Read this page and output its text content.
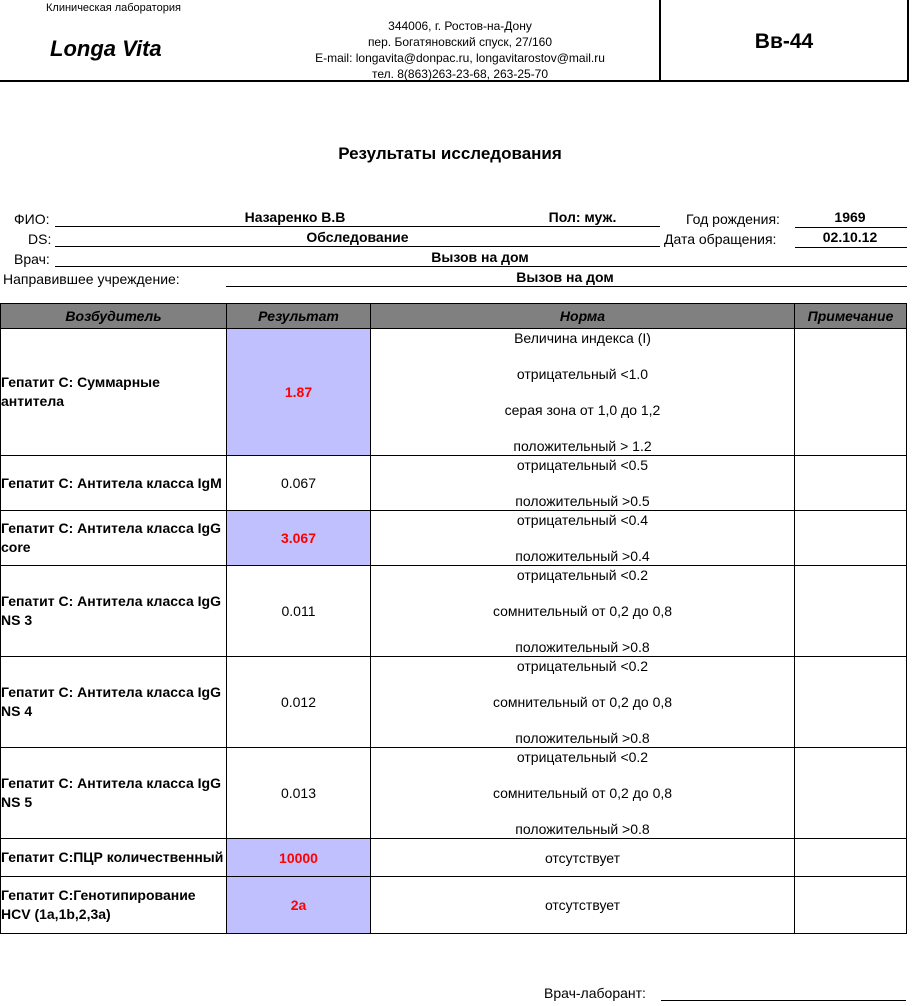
Клиническая лаборатория
Longa Vita
344006, г. Ростов-на-Дону
пер. Богатяновский спуск, 27/160
E-mail: longavita@donpac.ru, longavitarostov@mail.ru
тел. 8(863)263-23-68, 263-25-70
Вв-44
Результаты исследования
ФИО:	Назаренко В.В	Пол: муж.	Год рождения:	1969
DS:	Обследование	Дата обращения:	02.10.12
Врач:	Вызов на дом
Направившее учреждение:	Вызов на дом
Возбудитель	Результат	Норма	Примечание
Гепатит С: Суммарные антитела	1.87	Величина индекса (I)
отрицательный <1.0
серая зона от 1,0 до 1,2
положительный > 1.2	

Гепатит С: Антитела класса IgM	0.067	отрицательный <0.5
положительный >0.5	

Гепатит С: Антитела класса IgG core	3.067	отрицательный <0.4
положительный >0.4	

Гепатит С: Антитела класса IgG NS 3	0.011	отрицательный <0.2
сомнительный от 0,2 до 0,8
положительный >0.8	

Гепатит С: Антитела класса IgG NS 4	0.012	отрицательный <0.2
сомнительный от 0,2 до 0,8
положительный >0.8	

Гепатит С: Антитела класса IgG NS 5	0.013	отрицательный <0.2
сомнительный от 0,2 до 0,8
положительный >0.8	

Гепатит С:ПЦР количественный	10000	отсутствует	
Гепатит С:Генотипирование HCV (1a,1b,2,3a)	2a	отсутствует	
Врач-лаборант:
